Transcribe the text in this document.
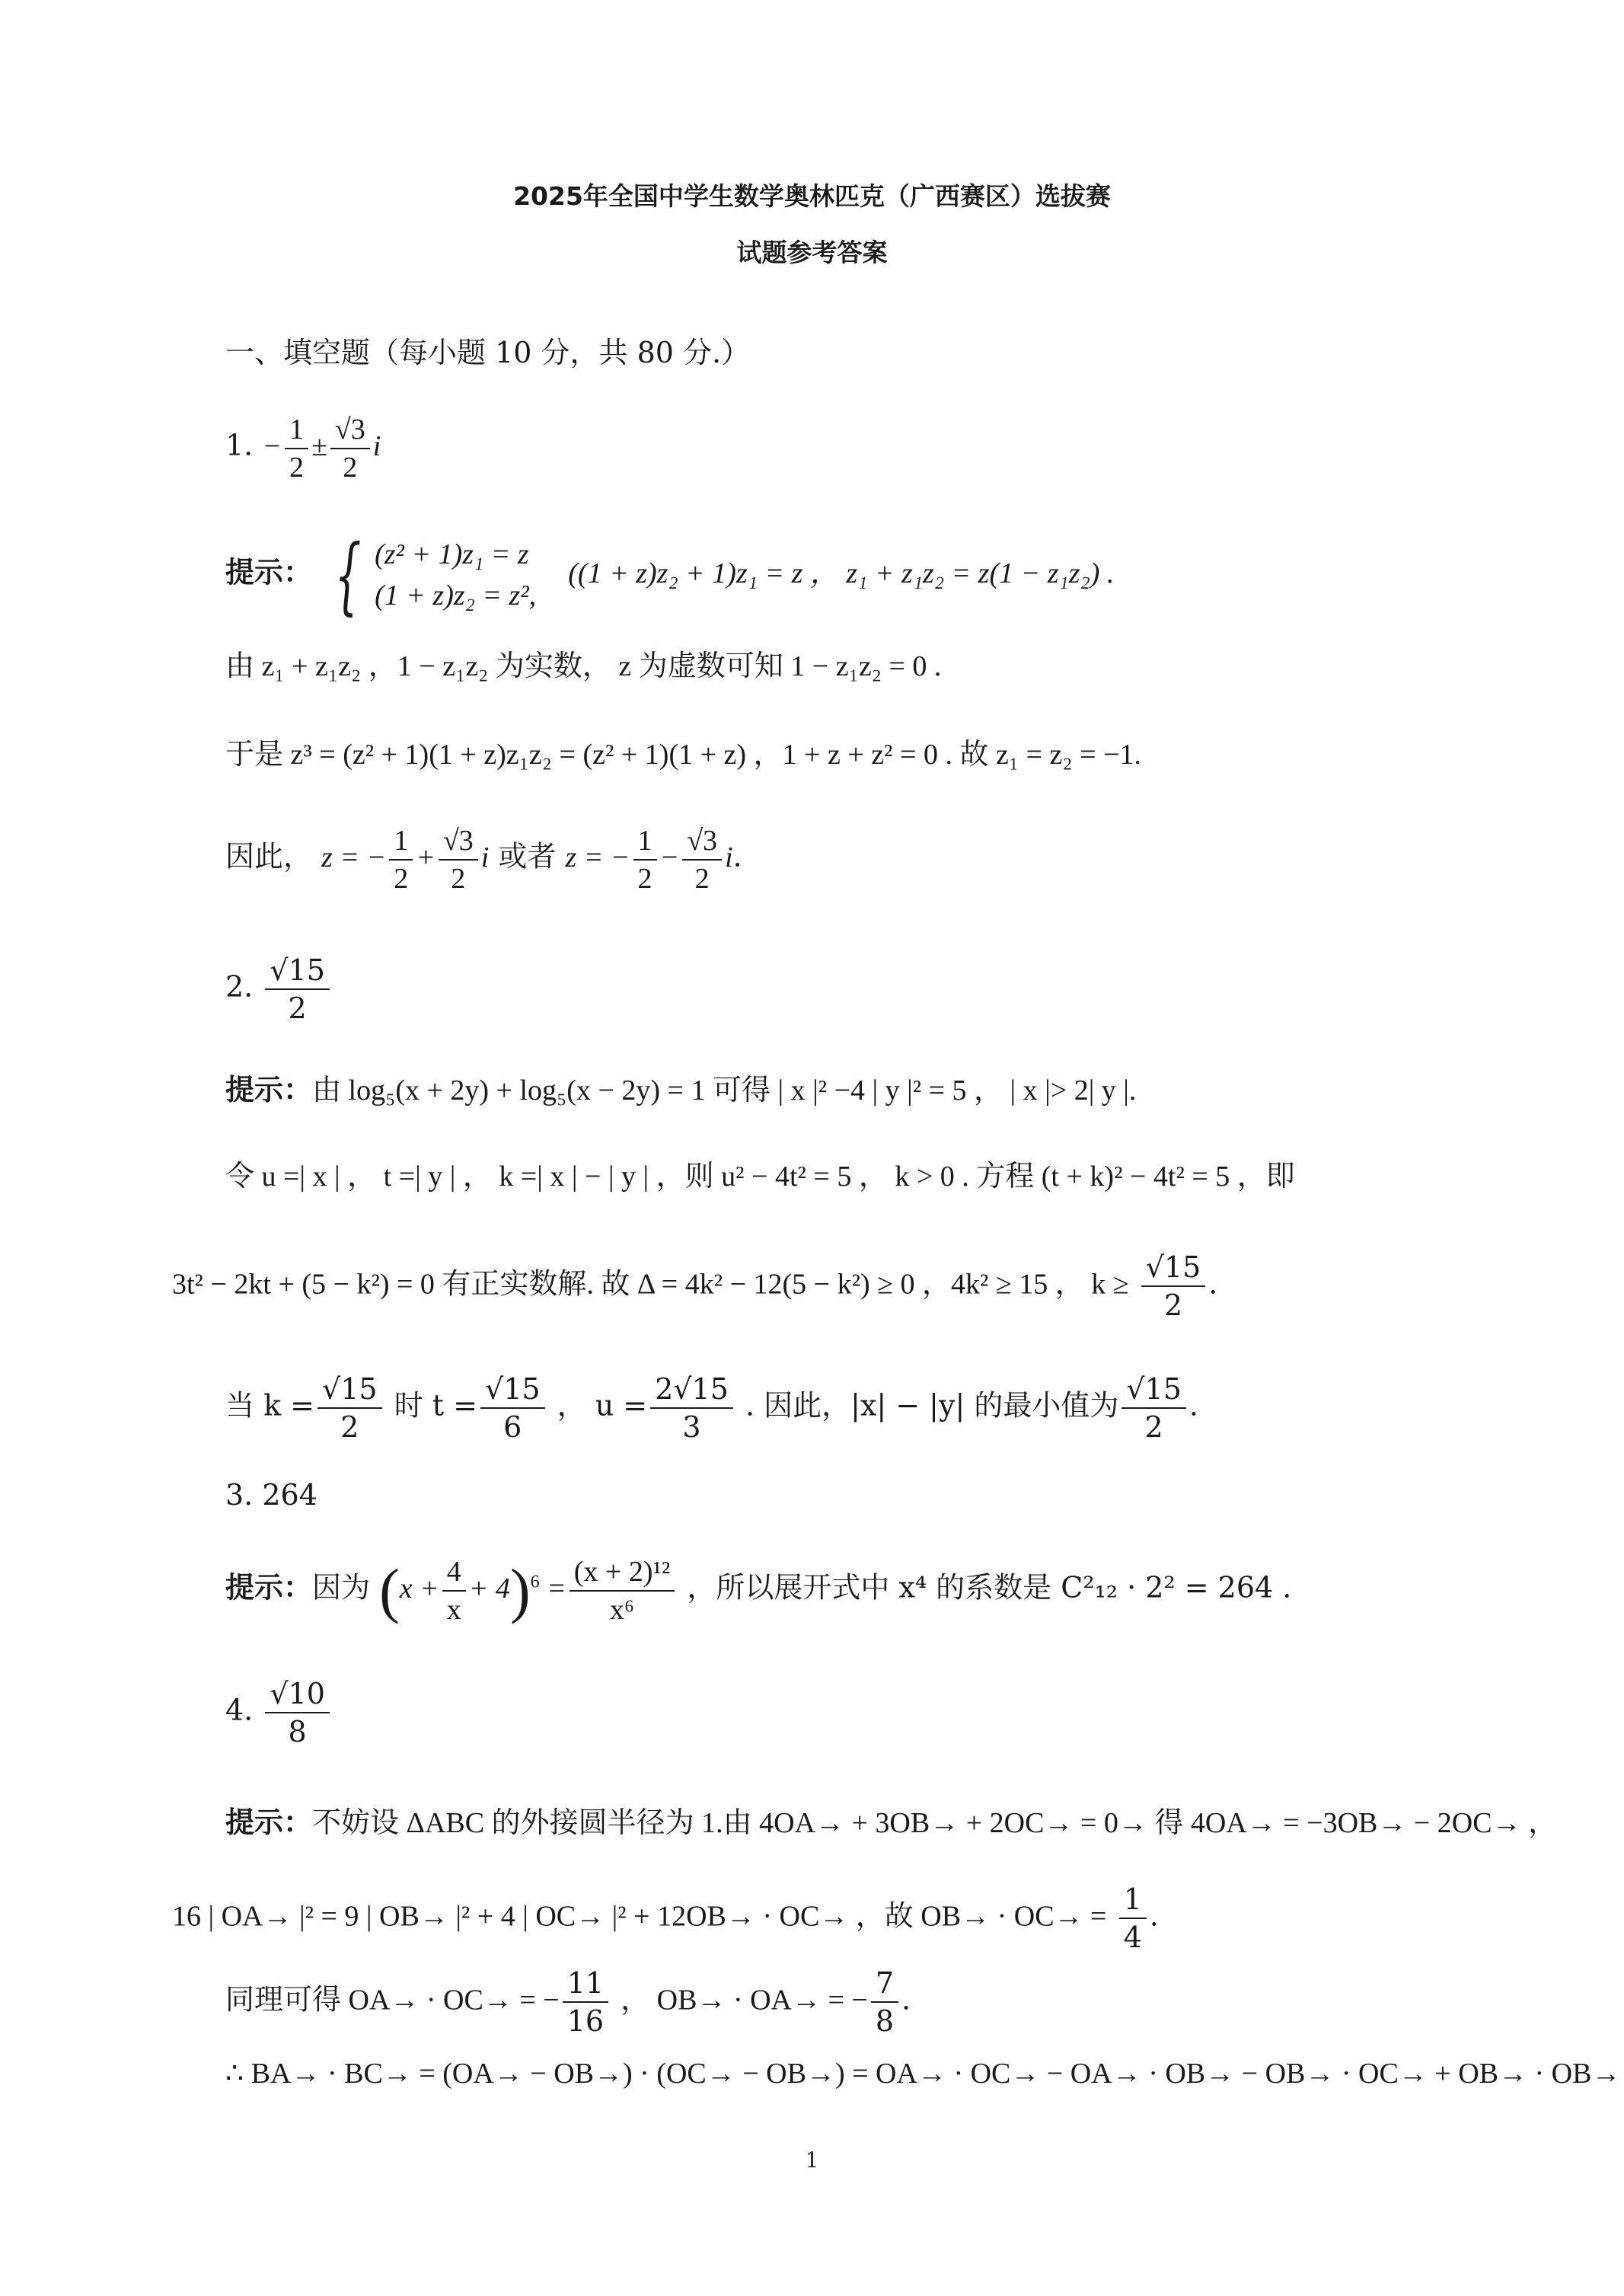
2025年全国中学生数学奥林匹克（广西赛区）选拔赛
试题参考答案
一、填空题（每小题 10 分，共 80 分.）
1. − $\frac{1}{2} \pm \frac{√3}{2}$ i
提示： { (z² + 1)z₁ = z
(1 + z)z₂ = z²,
((1 + z)z₂ + 1)z₁ = z ， z₁ + z₁z₂ = z(1 − z₁z₂) .
由 z₁ + z₁z₂ ，1 − z₁z₂ 为实数， z 为虚数可知 1 − z₁z₂ = 0 .
于是 z³ = (z² + 1)(1 + z)z₁z₂ = (z² + 1)(1 + z) ，1 + z + z² = 0 . 故 z₁ = z₂ = −1.
因此， z = − $\frac{1}{2} + \frac{√3}{2}$ i 或者 z = − $\frac{1}{2} - \frac{√3}{2} i$.
2. $\frac{√15}{2}$
提示：由 log₅(x + 2y) + log₅(x − 2y) = 1 可得 | x |² −4 | y |² = 5 ， | x |> 2| y |.
令 u =| x | ， t =| y | ， k =| x | − | y | ，则 u² − 4t² = 5 ， k > 0 . 方程 (t + k)² − 4t² = 5 ，即
3t² − 2kt + (5 − k²) = 0 有正实数解. 故 Δ = 4k² − 12(5 − k²) ≥ 0 ，4k² ≥ 15 ， $k \ge \frac{√15}{2}$ .
当 $k = \frac{√15}{2}$ 时 $t = \frac{√15}{6}$ ， $u = \frac{2√15}{3}$ . 因此，|x| − |y| 的最小值为 $\frac{√15}{2}$ .
3. 264
提示：因为 $(x + \frac{4}{x} + 4)^6 = \frac{\text{(x + 2)¹²}}{\text{x⁶}}$ ，所以展开式中 x⁴ 的系数是 C²₁₂ · 2² = 264 .
4. $\frac{√10}{8}$
提示：不妨设 ΔABC 的外接圆半径为 1.由 4OA→ + 3OB→ + 2OC→ = 0→ 得 4OA→ = −3OB→ − 2OC→ ，
16 | OA→ |² = 9 | OB→ |² + 4 | OC→ |² + 12OB→ · OC→ ，故 $OB\to \cdot OC\to = \frac{1}{4}$ .
同理可得 OA→ · OC→ = − $\frac{11}{16}$ ， OB→ · OA→ = − $\frac{7}{8}$ .
∴ BA→ · BC→ = (OA→ − OB→) · (OC→ − OB→) = OA→ · OC→ − OA→ · OB→ − OB→ · OC→ + OB→ · OB→
1
